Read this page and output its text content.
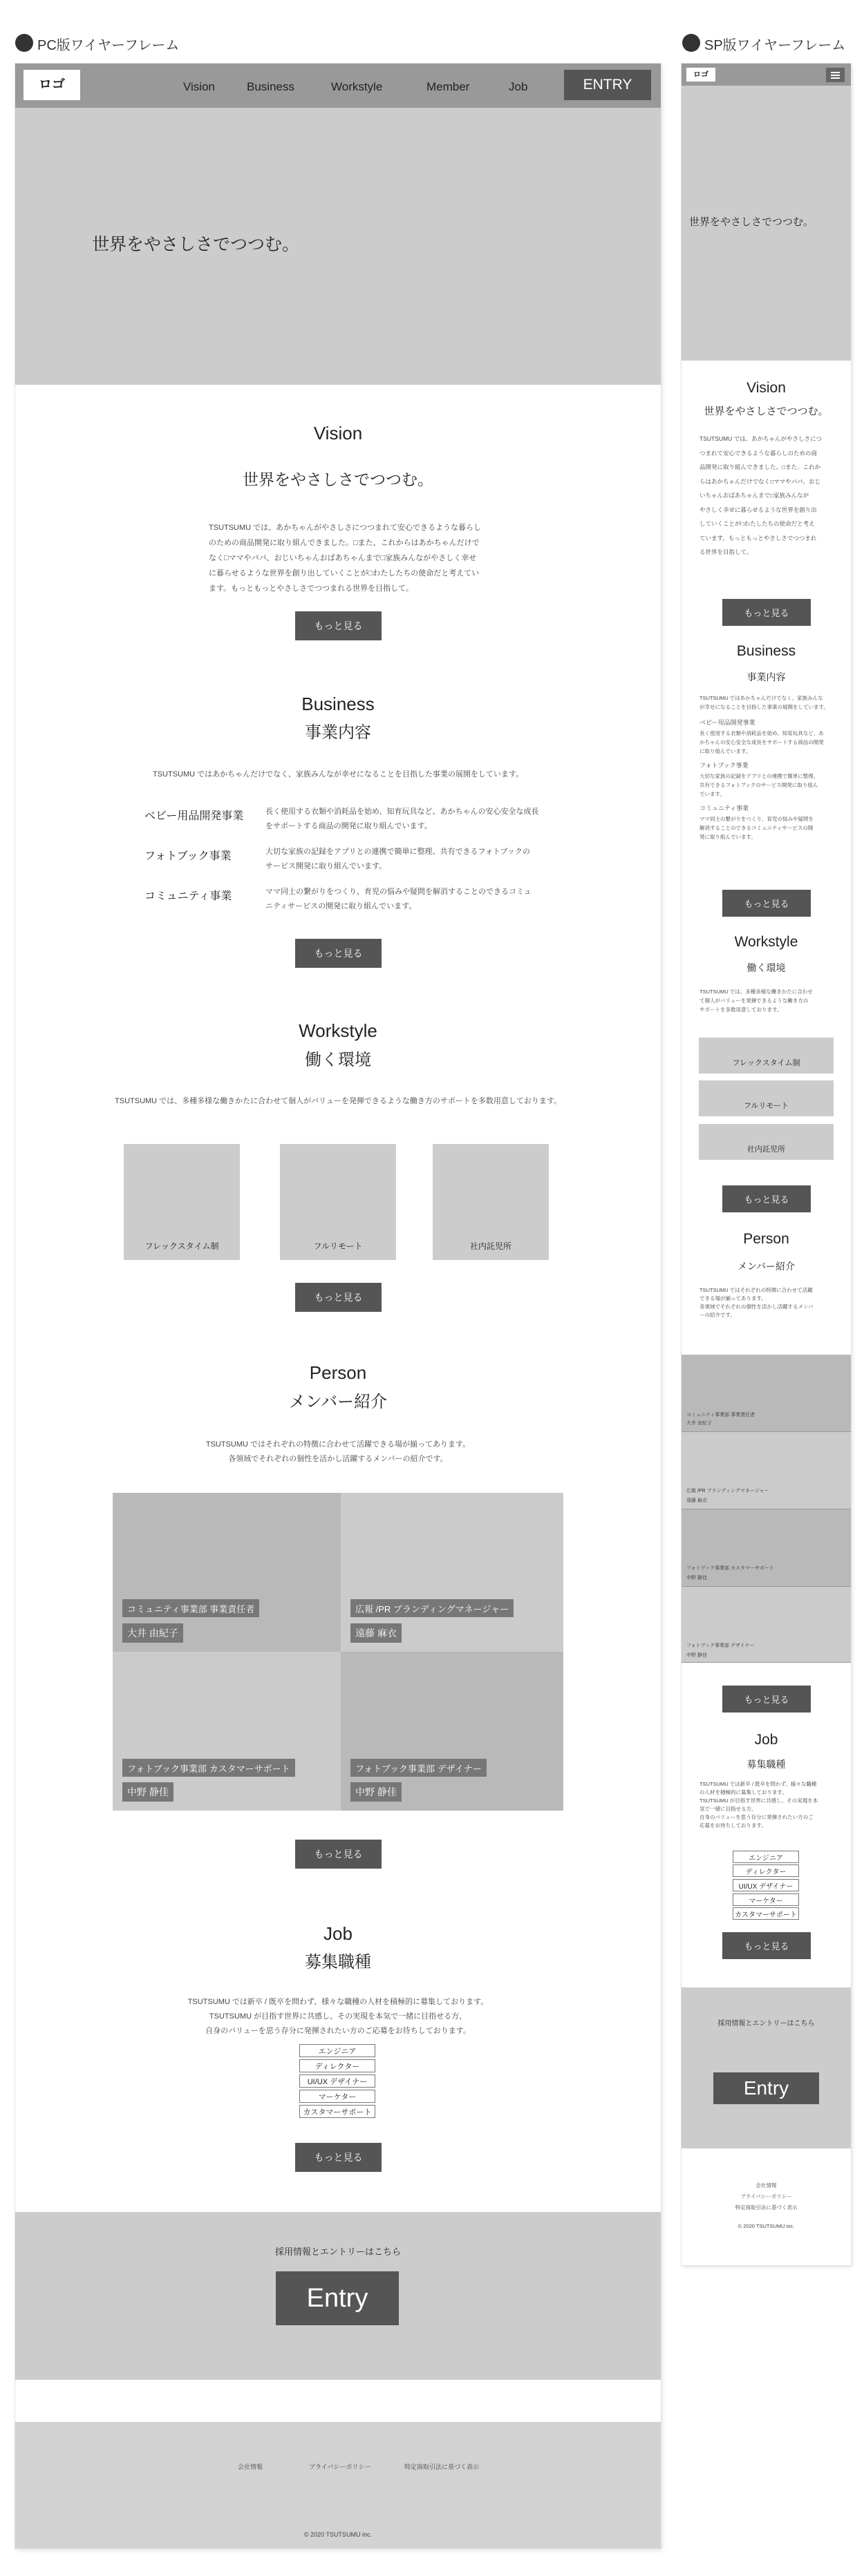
PC版ワイヤーフレーム	SP版ワイヤーフレーム
ロゴ	Vision	Business	Workstyle	Member	Job	ENTRY
世界をやさしさでつつむ。
Vision
世界をやさしさでつつむ。
TSUTSUMU では、あかちゃんがやさしさにつつまれて安心できるような暮らし
のための商品開発に取り組んできました。□また、これからはあかちゃんだけで
なく□ママやパパ、おじいちゃんおばあちゃんまで□家族みんながやさしく幸せ
に暮らせるような世界を創り出していくことが□わたしたちの使命だと考えてい
ます。もっともっとやさしさでつつまれる世界を目指して。
もっと見る
Business
事業内容
TSUTSUMU ではあかちゃんだけでなく、家族みんなが幸せになることを目指した事業の展開をしています。
ベビー用品開発事業	長く使用する衣類や消耗品を始め、知育玩具など、あかちゃんの安心安全な成長
をサポートする商品の開発に取り組んでいます。
フォトブック事業	大切な家族の記録をアプリとの連携で簡単に整理、共有できるフォトブックの
サービス開発に取り組んでいます。
コミュニティ事業	ママ同士の繋がりをつくり、育児の悩みや疑問を解消することのできるコミュ
ニティサービスの開発に取り組んでいます。
もっと見る
Workstyle
働く環境
TSUTSUMU では、多種多様な働きかたに合わせて個人がバリューを発揮できるような働き方のサポートを多数用意しております。
フレックスタイム制	フルリモート	社内託児所
もっと見る
Person
メンバー紹介
TSUTSUMU ではそれぞれの特徴に合わせて活躍できる場が揃ってあります。
各領域でそれぞれの個性を活かし活躍するメンバーの紹介です。
コミュニティ事業部 事業責任者
大井 由紀子
広報 /PR ブランディングマネージャー
遠藤 麻衣
フォトブック事業部 カスタマーサポート
中野 静佳
フォトブック事業部 デザイナー
中野 静佳
もっと見る
Job
募集職種
TSUTSUMU では新卒 / 既卒を問わず、様々な職種の人材を積極的に募集しております。
TSUTSUMU が目指す世界に共感し、その実現を本気で一緒に目指せる方、
自身のバリューを思う存分に発揮されたい方のご応募をお待ちしております。
エンジニア
ディレクター
UI/UX デザイナー
マーケター
カスタマーサポート
もっと見る
採用情報とエントリーはこちら
Entry
会社情報	プライバシーポリシー	特定商取引法に基づく表示
© 2020 TSUTSUMU inc.
ロゴ
世界をやさしさでつつむ。
Vision
世界をやさしさでつつむ。
TSUTSUMU では、あかちゃんがやさしさにつ
つまれて安心できるような暮らしのための商
品開発に取り組んできました。□また、これか
らはあかちゃんだけでなく□ママやパパ、おじ
いちゃんおばあちゃんまで□家族みんなが
やさしく幸せに暮らせるような世界を創り出
していくことが□わたしたちの使命だと考え
ています。もっともっとやさしさでつつまれ
る世界を目指して。
もっと見る
Business
事業内容
TSUTSUMU ではあかちゃんだけでなく、家族みんな
が幸せになることを目指した事業の展開をしています。
ベビー用品開発事業
長く使用する衣類や消耗品を始め、知育玩具など、あ
かちゃんの安心安全な成長をサポートする商品の開発
に取り組んでいます。
フォトブック事業
大切な家族の記録をアプリとの連携で簡単に整理、
共有できるフォトブックのサービス開発に取り組ん
でいます。
コミュニティ事業
ママ同士の繋がりをつくり、育児の悩みや疑問を
解消することのできるコミュニティサービスの開
発に取り組んでいます。
もっと見る
Workstyle
働く環境
TSUTSUMU では、多種多様な働きかたに合わせ
て個人がバリューを発揮できるような働き方の
サポートを多数用意しております。
フレックスタイム制
フルリモート
社内託児所
もっと見る
Person
メンバー紹介
TSUTSUMU ではそれぞれの特徴に合わせて活躍
できる場が揃ってあります。
各領域でそれぞれの個性を活かし活躍するメンバ
ーの紹介です。
コミュニティ事業部 事業責任者
大井 由紀子
広報 /PR ブランディングマネージャー
遠藤 麻衣
フォトブック事業部 カスタマーサポート
中野 静佳
フォトブック事業部 デザイナー
中野 静佳
もっと見る
Job
募集職種
TSUTSUMU では新卒 / 既卒を問わず、様々な職種
の人材を積極的に募集しております。
TSUTSUMU が目指す世界に共感し、その実現を本
気で一緒に目指せる方、
自身のバリューを思う存分に発揮されたい方のご
応募をお待ちしております。
エンジニア
ディレクター
UI/UX デザイナー
マーケター
カスタマーサポート
もっと見る
採用情報とエントリーはこちら
Entry
会社情報
プライバシーポリシー
特定商取引法に基づく表示
© 2020 TSUTSUMU inc.
